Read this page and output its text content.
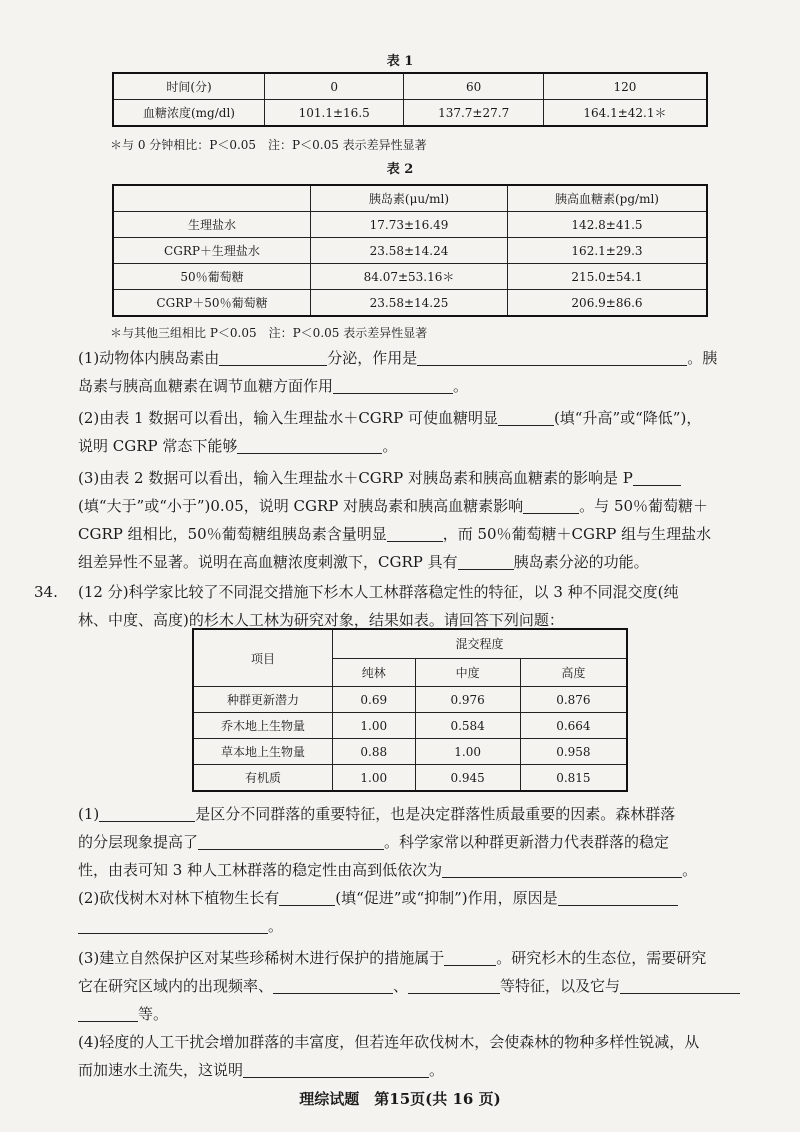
表 1
时间(分)	0	60	120
血糖浓度(mg/dl)	101.1±16.5	137.7±27.7	164.1±42.1＊
＊与 0 分钟相比：P＜0.05　注：P＜0.05 表示差异性显著
表 2
	胰岛素(μu/ml)	胰高血糖素(pg/ml)
生理盐水	17.73±16.49	142.8±41.5
CGRP＋生理盐水	23.58±14.24	162.1±29.3
50％葡萄糖	84.07±53.16＊	215.0±54.1
CGRP＋50％葡萄糖	23.58±14.25	206.9±86.6
＊与其他三组相比 P＜0.05　注：P＜0.05 表示差异性显著
(1)动物体内胰岛素由	分泌，作用是	。胰
岛素与胰高血糖素在调节血糖方面作用	。
(2)由表 1 数据可以看出，输入生理盐水＋CGRP 可使血糖明显	(填“升高”或“降低”)，
说明 CGRP 常态下能够	。
(3)由表 2 数据可以看出，输入生理盐水＋CGRP 对胰岛素和胰高血糖素的影响是 P
(填“大于”或“小于”)0.05，说明 CGRP 对胰岛素和胰高血糖素影响	。与 50％葡萄糖＋
CGRP 组相比，50％葡萄糖组胰岛素含量明显	，而 50％葡萄糖＋CGRP 组与生理盐水
组差异性不显著。说明在高血糖浓度刺激下，CGRP 具有	胰岛素分泌的功能。
34. (12 分)科学家比较了不同混交措施下杉木人工林群落稳定性的特征，以 3 种不同混交度(纯
林、中度、高度)的杉木人工林为研究对象，结果如表。请回答下列问题：
项目	混交程度		
	纯林	中度	高度
种群更新潜力	0.69	0.976	0.876
乔木地上生物量	1.00	0.584	0.664
草本地上生物量	0.88	1.00	0.958
有机质	1.00	0.945	0.815
(1)	是区分不同群落的重要特征，也是决定群落性质最重要的因素。森林群落
的分层现象提高了	。科学家常以种群更新潜力代表群落的稳定
性，由表可知 3 种人工林群落的稳定性由高到低依次为	。
(2)砍伐树木对林下植物生长有	(填“促进”或“抑制”)作用，原因是
。
(3)建立自然保护区对某些珍稀树木进行保护的措施属于	。研究杉木的生态位，需要研究
它在研究区域内的出现频率、	、	等特征，以及它与
等。
(4)轻度的人工干扰会增加群落的丰富度，但若连年砍伐树木，会使森林的物种多样性锐减，从
而加速水土流失，这说明	。
理综试题　第15页(共 16 页)
